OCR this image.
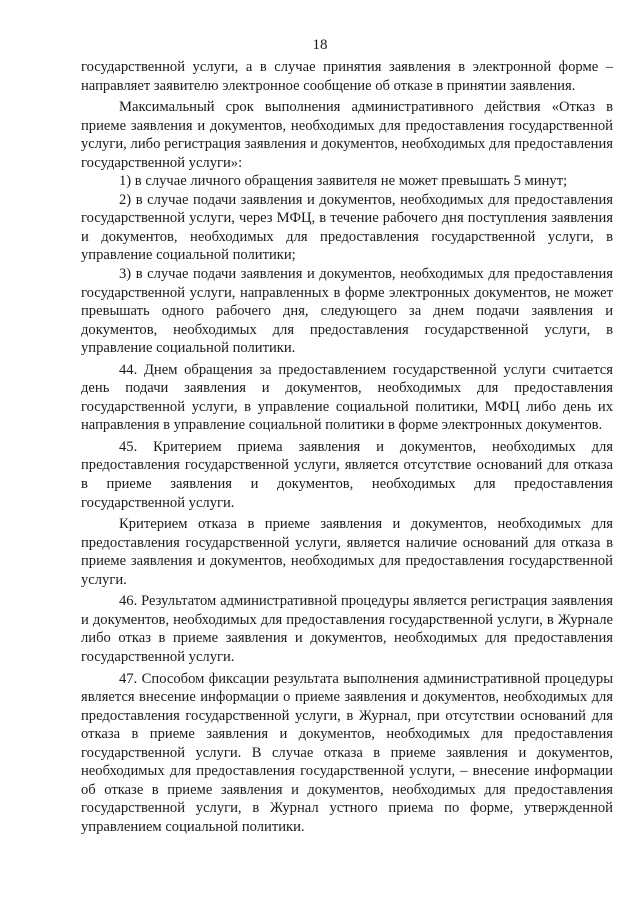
18

государственной услуги, а в случае принятия заявления в электронной форме – направляет заявителю электронное сообщение об отказе в принятии заявления.

Максимальный срок выполнения административного действия «Отказ в приеме заявления и документов, необходимых для предоставления государственной услуги, либо регистрация заявления и документов, необходимых для предоставления государственной услуги»:

1) в случае личного обращения заявителя не может превышать 5 минут;

2) в случае подачи заявления и документов, необходимых для предоставления государственной услуги, через МФЦ, в течение рабочего дня поступления заявления и документов, необходимых для предоставления государственной услуги, в управление социальной политики;

3) в случае подачи заявления и документов, необходимых для предоставления государственной услуги, направленных в форме электронных документов, не может превышать одного рабочего дня, следующего за днем подачи заявления и документов, необходимых для предоставления государственной услуги, в управление социальной политики.

44. Днем обращения за предоставлением государственной услуги считается день подачи заявления и документов, необходимых для предоставления государственной услуги, в управление социальной политики, МФЦ либо день их направления в управление социальной политики в форме электронных документов.

45. Критерием приема заявления и документов, необходимых для предоставления государственной услуги, является отсутствие оснований для отказа в приеме заявления и документов, необходимых для предоставления государственной услуги.

Критерием отказа в приеме заявления и документов, необходимых для предоставления государственной услуги, является наличие оснований для отказа в приеме заявления и документов, необходимых для предоставления государственной услуги.

46. Результатом административной процедуры является регистрация заявления и документов, необходимых для предоставления государственной услуги, в Журнале либо отказ в приеме заявления и документов, необходимых для предоставления государственной услуги.

47. Способом фиксации результата выполнения административной процедуры является внесение информации о приеме заявления и документов, необходимых для предоставления государственной услуги, в Журнал, при отсутствии оснований для отказа в приеме заявления и документов, необходимых для предоставления государственной услуги. В случае отказа в приеме заявления и документов, необходимых для предоставления государственной услуги, – внесение информации об отказе в приеме заявления и документов, необходимых для предоставления государственной услуги, в Журнал устного приема по форме, утвержденной управлением социальной политики.
